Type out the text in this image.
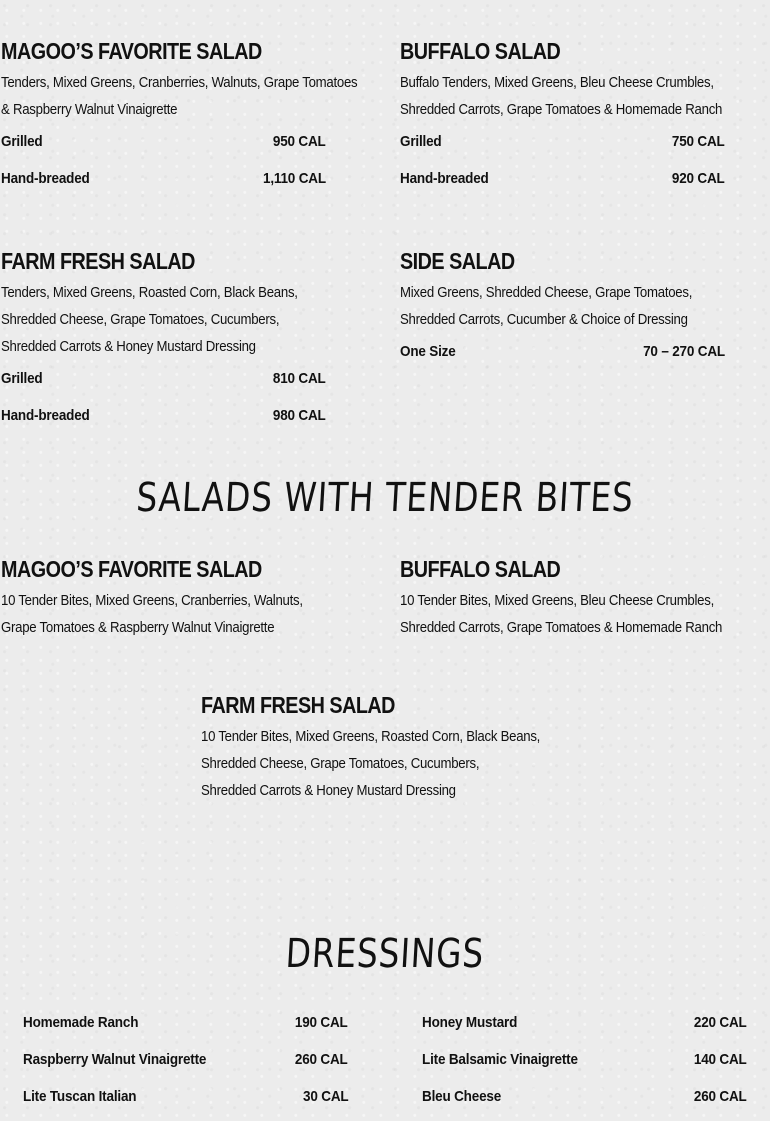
MAGOO’S FAVORITE SALAD
Tenders, Mixed Greens, Cranberries, Walnuts, Grape Tomatoes
& Raspberry Walnut Vinaigrette
Grilled	950 CAL
Hand-breaded	1,110 CAL
BUFFALO SALAD
Buffalo Tenders, Mixed Greens, Bleu Cheese Crumbles,
Shredded Carrots, Grape Tomatoes & Homemade Ranch
Grilled	750 CAL
Hand-breaded	920 CAL
FARM FRESH SALAD
Tenders, Mixed Greens, Roasted Corn, Black Beans,
Shredded Cheese, Grape Tomatoes, Cucumbers,
Shredded Carrots & Honey Mustard Dressing
Grilled	810 CAL
Hand-breaded	980 CAL
SIDE SALAD
Mixed Greens, Shredded Cheese, Grape Tomatoes,
Shredded Carrots, Cucumber & Choice of Dressing
One Size	70 – 270 CAL
SALADS WITH TENDER BITES
MAGOO’S FAVORITE SALAD
10 Tender Bites, Mixed Greens, Cranberries, Walnuts,
Grape Tomatoes & Raspberry Walnut Vinaigrette
BUFFALO SALAD
10 Tender Bites, Mixed Greens, Bleu Cheese Crumbles,
Shredded Carrots, Grape Tomatoes & Homemade Ranch
FARM FRESH SALAD
10 Tender Bites, Mixed Greens, Roasted Corn, Black Beans,
Shredded Cheese, Grape Tomatoes, Cucumbers,
Shredded Carrots & Honey Mustard Dressing
DRESSINGS
Homemade Ranch	190 CAL
Raspberry Walnut Vinaigrette	260 CAL
Lite Tuscan Italian	30 CAL
Honey Mustard	220 CAL
Lite Balsamic Vinaigrette	140 CAL
Bleu Cheese	260 CAL
